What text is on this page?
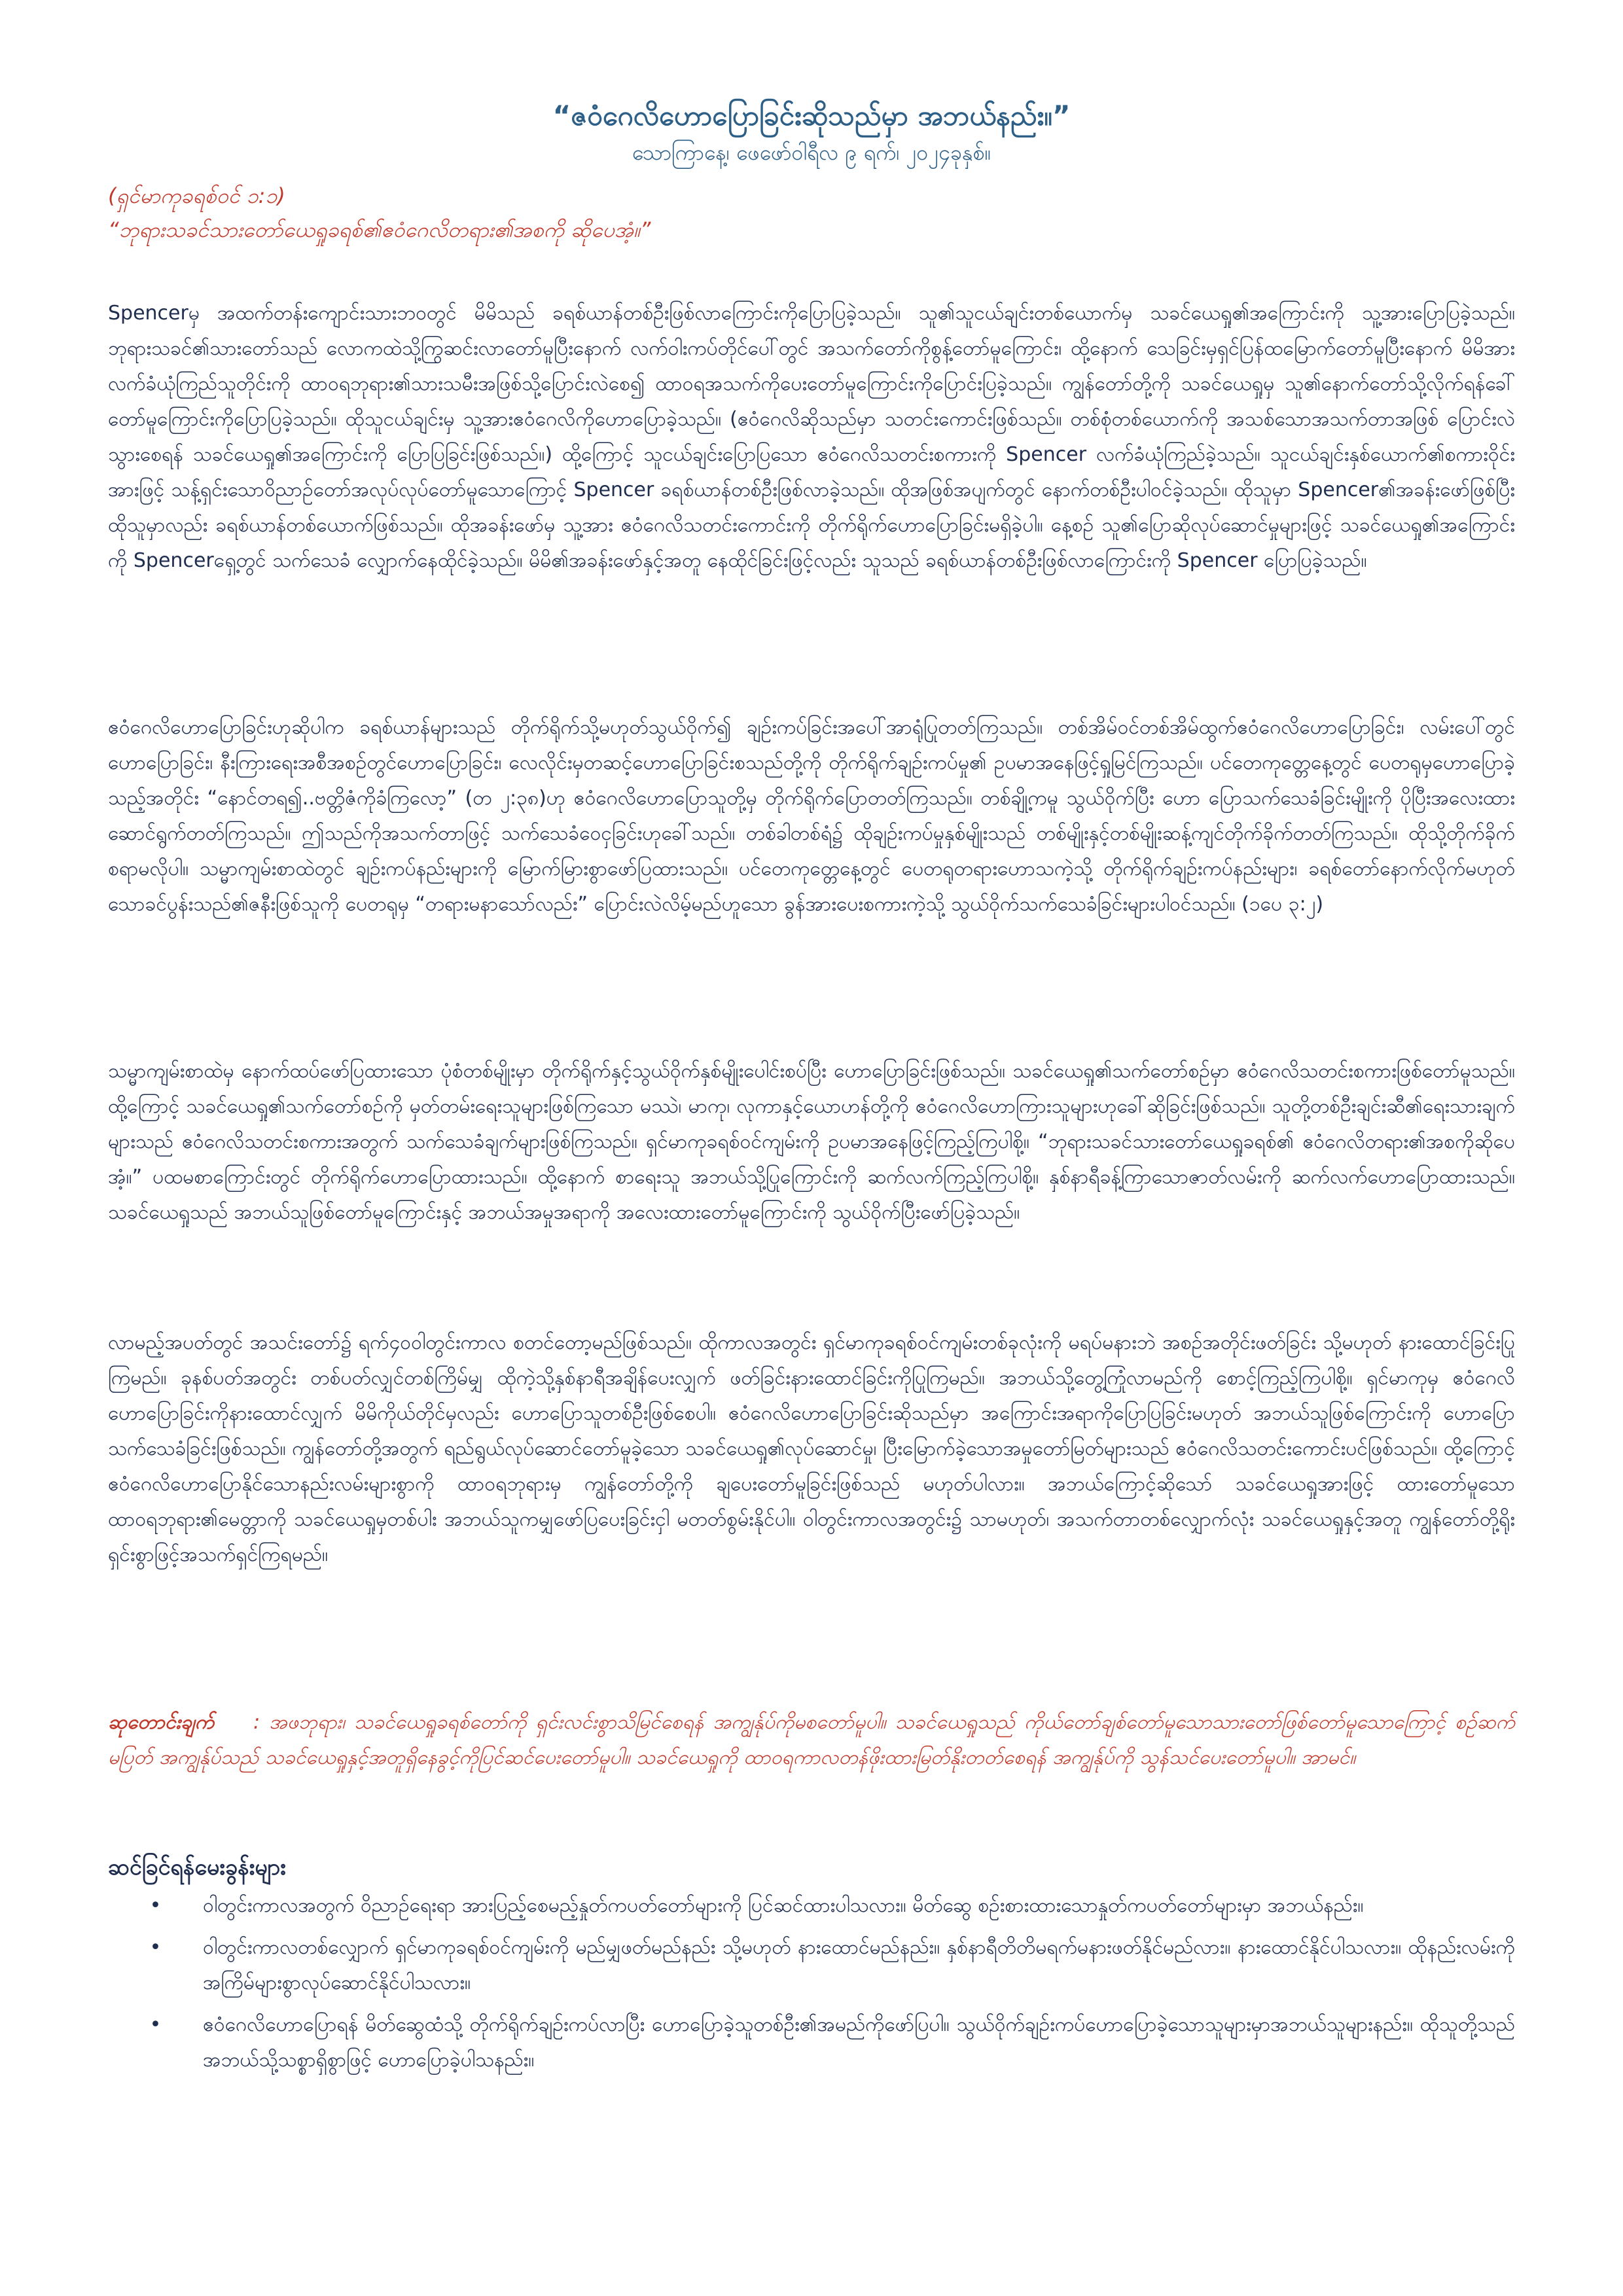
“ဇဝံဂေလိဟောပြောခြင်းဆိုသည်မှာ အဘယ်နည်း။”
သောကြာနေ့၊ ဖေဖော်ဝါရီလ ၉ ရက်၊ ၂၀၂၄ခုနှစ်။
(ရှင်မာကုခရစ်ဝင် ၁:၁)
“ဘုရားသခင်သားတော်ယေရှုခရစ်၏ဧဝံဂေလိတရား၏အစကို ဆိုပေအံ့။”

Spencerမှ အထက်တန်းကျောင်းသားဘဝတွင် မိမိသည် ခရစ်ယာန်တစ်ဦးဖြစ်လာကြောင်းကိုပြောပြခဲ့သည်။ သူ၏သူငယ်ချင်းတစ်ယောက်မှ သခင်ယေရှု၏အကြောင်းကို သူ့အားပြောပြခဲ့သည်။ ဘုရားသခင်၏သားတော်သည် လောကထဲသို့ကြွဆင်းလာတော်မူပြီးနောက် လက်ဝါးကပ်တိုင်ပေါ်တွင် အသက်တော်ကိုစွန့်တော်မူကြောင်း၊ ထို့နောက် သေခြင်းမှရှင်ပြန်ထမြောက်တော်မူပြီးနောက် မိမိအားလက်ခံယုံကြည်သူတိုင်းကို ထာဝရဘုရား၏သားသမီးအဖြစ်သို့ပြောင်းလဲစေ၍ ထာဝရအသက်ကိုပေးတော်မူကြောင်းကိုပြောင်းပြခဲ့သည်။ ကျွန်တော်တို့ကို သခင်ယေရှုမှ သူ၏နောက်တော်သို့လိုက်ရန်ခေါ်တော်မူကြောင်းကိုပြောပြခဲ့သည်။ ထိုသူငယ်ချင်းမှ သူ့အားဧဝံဂေလိကိုဟောပြောခဲ့သည်။ (ဧဝံဂေလိဆိုသည်မှာ သတင်းကောင်းဖြစ်သည်။ တစ်စုံတစ်ယောက်ကို အသစ်သောအသက်တာအဖြစ် ပြောင်းလဲသွားစေရန် သခင်ယေရှု၏အကြောင်းကို ပြောပြခြင်းဖြစ်သည်။) ထို့ကြောင့် သူငယ်ချင်းပြောပြသော ဧဝံဂေလိသတင်းစကားကို Spencer လက်ခံယုံကြည်ခဲ့သည်။ သူငယ်ချင်းနှစ်ယောက်၏စကားဝိုင်းအားဖြင့် သန့်ရှင်းသောဝိညာဉ်တော်အလုပ်လုပ်တော်မူသောကြောင့် Spencer ခရစ်ယာန်တစ်ဦးဖြစ်လာခဲ့သည်။ ထိုအဖြစ်အပျက်တွင် နောက်တစ်ဦးပါဝင်ခဲ့သည်။ ထိုသူမှာ Spencer၏အခန်းဖော်ဖြစ်ပြီး ထိုသူမှာလည်း ခရစ်ယာန်တစ်ယောက်ဖြစ်သည်။ ထိုအခန်းဖော်မှ သူ့အား ဧဝံဂေလိသတင်းကောင်းကို တိုက်ရိုက်ဟောပြောခြင်းမရှိခဲ့ပါ။ နေ့စဉ် သူ၏ပြောဆိုလုပ်ဆောင်မှုများဖြင့် သခင်ယေရှု၏အကြောင်းကို Spencerရှေ့တွင် သက်သေခံ လျှောက်နေထိုင်ခဲ့သည်။ မိမိ၏အခန်းဖော်နှင့်အတူ နေထိုင်ခြင်းဖြင့်လည်း သူသည် ခရစ်ယာန်တစ်ဦးဖြစ်လာကြောင်းကို Spencer ပြောပြခဲ့သည်။

ဧဝံဂေလိဟောပြောခြင်းဟုဆိုပါက ခရစ်ယာန်များသည် တိုက်ရိုက်သို့မဟုတ်သွယ်ဝိုက်၍ ချဉ်းကပ်ခြင်းအပေါ်အာရုံပြုတတ်ကြသည်။ တစ်အိမ်ဝင်တစ်အိမ်ထွက်ဧဝံဂေလိဟောပြောခြင်း၊ လမ်းပေါ်တွင်ဟောပြောခြင်း၊ နီးကြားရေးအစီအစဉ်တွင်ဟောပြောခြင်း၊ လေလိုင်းမှတဆင့်ဟောပြောခြင်းစသည်တို့ကို တိုက်ရိုက်ချဉ်းကပ်မှု၏ ဥပမာအနေဖြင့်ရှုမြင်ကြသည်။ ပင်တေကုတ္တေနေ့တွင် ပေတရုမှဟောပြောခဲ့သည့်အတိုင်း “နောင်တရ၍..ဗတ္တိဇံကိုခံကြလော့” (တ ၂:၃၈)ဟု ဧဝံဂေလိဟောပြောသူတို့မှ တိုက်ရိုက်ပြောတတ်ကြသည်။ တစ်ချို့ကမူ သွယ်ဝိုက်ပြီး ဟော ပြောသက်သေခံခြင်းမျိုးကို ပိုပြီးအလေးထားဆောင်ရွက်တတ်ကြသည်။ ဤသည်ကိုအသက်တာဖြင့် သက်သေခံဝေငှခြင်းဟုခေါ်သည်။ တစ်ခါတစ်ရံ၌ ထိုချဉ်းကပ်မှုနှစ်မျိုးသည် တစ်မျိုးနှင့်တစ်မျိုးဆန့်ကျင်တိုက်ခိုက်တတ်ကြသည်။ ထိုသို့တိုက်ခိုက်စရာမလိုပါ။ သမ္မာကျမ်းစာထဲတွင် ချဉ်းကပ်နည်းများကို မြောက်မြားစွာဖော်ပြထားသည်။ ပင်တေကုတ္တေနေ့တွင် ပေတရုတရားဟောသကဲ့သို့ တိုက်ရိုက်ချဉ်းကပ်နည်းများ၊ ခရစ်တော်နောက်လိုက်မဟုတ်သောခင်ပွန်းသည်၏ဇနီးဖြစ်သူကို ပေတရုမှ “တရားမနာသော်လည်း” ပြောင်းလဲလိမ့်မည်ဟူသော ခွန်အားပေးစကားကဲ့သို့ သွယ်ဝိုက်သက်သေခံခြင်းများပါဝင်သည်။ (၁ပေ ၃:၂)

သမ္မာကျမ်းစာထဲမှ နောက်ထပ်ဖော်ပြထားသော ပုံစံတစ်မျိုးမှာ တိုက်ရိုက်နှင့်သွယ်ဝိုက်နှစ်မျိုးပေါင်းစပ်ပြီး ဟောပြောခြင်းဖြစ်သည်။ သခင်ယေရှု၏သက်တော်စဉ်မှာ ဧဝံဂေလိသတင်းစကားဖြစ်တော်မူသည်။ ထို့ကြောင့် သခင်ယေရှု၏သက်တော်စဉ်ကို မှတ်တမ်းရေးသူများဖြစ်ကြသော မဿဲ၊ မာကု၊ လုကာနှင့်ယောဟန်တို့ကို ဧဝံဂေလိဟောကြားသူများဟုခေါ်ဆိုခြင်းဖြစ်သည်။ သူတို့တစ်ဦးချင်းဆီ၏ရေးသားချက်များသည် ဧဝံဂေလိသတင်းစကားအတွက် သက်သေခံချက်များဖြစ်ကြသည်။ ရှင်မာကုခရစ်ဝင်ကျမ်းကို ဥပမာအနေဖြင့်ကြည့်ကြပါစို့။ “ဘုရားသခင်သားတော်ယေရှုခရစ်၏ ဧဝံဂေလိတရား၏အစကိုဆိုပေအံ့။” ပထမစာကြောင်းတွင် တိုက်ရိုက်ဟောပြောထားသည်။ ထို့နောက် စာရေးသူ အဘယ်သို့ပြုကြောင်းကို ဆက်လက်ကြည့်ကြပါစို့။ နှစ်နာရီခန့်ကြာသောဇာတ်လမ်းကို ဆက်လက်ဟောပြောထားသည်။ သခင်ယေရှုသည် အဘယ်သူဖြစ်တော်မူကြောင်းနှင့် အဘယ်အမှုအရာကို အလေးထားတော်မူကြောင်းကို သွယ်ဝိုက်ပြီးဖော်ပြခဲ့သည်။

လာမည့်အပတ်တွင် အသင်းတော်၌ ရက်၄၀ဝါတွင်းကာလ စတင်တော့မည်ဖြစ်သည်။ ထိုကာလအတွင်း ရှင်မာကုခရစ်ဝင်ကျမ်းတစ်ခုလုံးကို မရပ်မနားဘဲ အစဉ်အတိုင်းဖတ်ခြင်း သို့မဟုတ် နားထောင်ခြင်းပြုကြမည်။ ခုနစ်ပတ်အတွင်း တစ်ပတ်လျှင်တစ်ကြိမ်မျှ ထိုကဲ့သို့နှစ်နာရီအချိန်ပေးလျှက် ဖတ်ခြင်းနားထောင်ခြင်းကိုပြုကြမည်။ အဘယ်သို့တွေ့ကြုံလာမည်ကို စောင့်ကြည့်ကြပါစို့။ ရှင်မာကုမှ ဧဝံဂေလိဟောပြောခြင်းကိုနားထောင်လျှက် မိမိကိုယ်တိုင်မှလည်း ဟောပြောသူတစ်ဦးဖြစ်စေပါ။ ဧဝံဂေလိဟောပြောခြင်းဆိုသည်မှာ အကြောင်းအရာကိုပြောပြခြင်းမဟုတ် အဘယ်သူဖြစ်ကြောင်းကို ဟောပြောသက်သေခံခြင်းဖြစ်သည်။ ကျွန်တော်တို့အတွက် ရည်ရွယ်လုပ်ဆောင်တော်မူခဲ့သော သခင်ယေရှု၏လုပ်ဆောင်မှု၊ ပြီးမြောက်ခဲ့သောအမှုတော်မြတ်များသည် ဧဝံဂေလိသတင်းကောင်းပင်ဖြစ်သည်။ ထို့ကြောင့် ဧဝံဂေလိဟောပြောနိုင်သောနည်းလမ်းများစွာကို ထာဝရဘုရားမှ ကျွန်တော်တို့ကို ချပေးတော်မူခြင်းဖြစ်သည် မဟုတ်ပါလား။ အဘယ်ကြောင့်ဆိုသော် သခင်ယေရှုအားဖြင့် ထားတော်မူသော ထာဝရဘုရား၏မေတ္တာကို သခင်ယေရှုမှတစ်ပါး အဘယ်သူကမျှဖော်ပြပေးခြင်းငှါ မတတ်စွမ်းနိုင်ပါ။ ဝါတွင်းကာလအတွင်း၌ သာမဟုတ်၊ အသက်တာတစ်လျှောက်လုံး သခင်ယေရှုနှင့်အတူ ကျွန်တော်တို့ရိုးရှင်းစွာဖြင့်အသက်ရှင်ကြရမည်။

ဆုတောင်းချက် : အဖဘုရား၊ သခင်ယေရှုခရစ်တော်ကို ရှင်းလင်းစွာသိမြင်စေရန် အကျွန်ုပ်ကိုမစတော်မူပါ။ သခင်ယေရှုသည် ကိုယ်တော်ချစ်တော်မူသောသားတော်ဖြစ်တော်မူသောကြောင့် စဉ်ဆက်မပြတ် အကျွန်ုပ်သည် သခင်ယေရှုနှင့်အတူရှိနေခွင့်ကိုပြင်ဆင်ပေးတော်မူပါ။ သခင်ယေရှုကို ထာဝရကာလတန်ဖိုးထားမြတ်နိုးတတ်စေရန် အကျွန်ုပ်ကို သွန်သင်ပေးတော်မူပါ။ အာမင်။

ဆင်ခြင်ရန်မေးခွန်းများ
•	ဝါတွင်းကာလအတွက် ဝိညာဉ်ရေးရာ အားပြည့်စေမည့်နှုတ်ကပတ်တော်များကို ပြင်ဆင်ထားပါသလား။ မိတ်ဆွေ စဉ်းစားထားသောနှုတ်ကပတ်တော်များမှာ အဘယ်နည်း။
•	ဝါတွင်းကာလတစ်လျှောက် ရှင်မာကုခရစ်ဝင်ကျမ်းကို မည်မျှဖတ်မည်နည်း သို့မဟုတ် နားထောင်မည်နည်း။ နှစ်နာရီတိတိမရက်မနားဖတ်နိုင်မည်လား။ နားထောင်နိုင်ပါသလား။ ထိုနည်းလမ်းကို အကြိမ်များစွာလုပ်ဆောင်နိုင်ပါသလား။
•	ဧဝံဂေလိဟောပြောရန် မိတ်ဆွေထံသို့ တိုက်ရိုက်ချဉ်းကပ်လာပြီး ဟောပြောခဲ့သူတစ်ဦး၏အမည်ကိုဖော်ပြပါ။ သွယ်ဝိုက်ချဉ်းကပ်ဟောပြောခဲ့သောသူများမှာအဘယ်သူများနည်း။ ထိုသူတို့သည် အဘယ်သို့သစ္စာရှိစွာဖြင့် ဟောပြောခဲ့ပါသနည်း။
